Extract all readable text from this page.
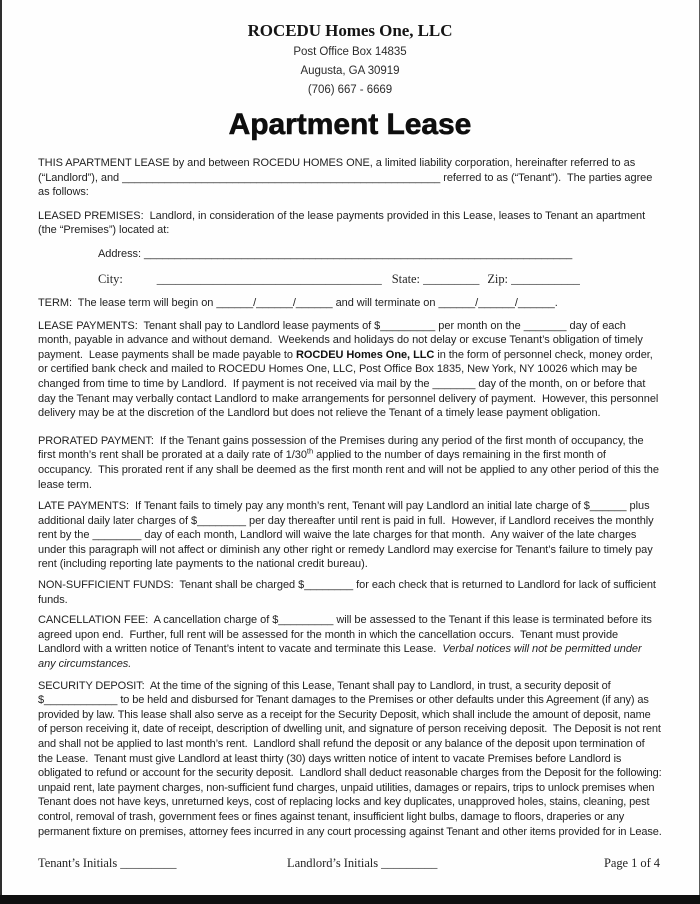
ROCEDU Homes One, LLC
Post Office Box 14835
Augusta, GA 30919
(706) 667 - 6669
Apartment Lease

THIS APARTMENT LEASE by and between ROCEDU HOMES ONE, a limited liability corporation, hereinafter referred to as (“Landlord”), and ____________________________________________________ referred to as (“Tenant”).  The parties agree as follows:

LEASED PREMISES:  Landlord, in consideration of the lease payments provided in this Lease, leases to Tenant an apartment (the “Premises”) located at:

Address: ______________________________________________________________________
City:	____________________________________ State: _________ Zip: ___________

TERM:  The lease term will begin on ______/______/______ and will terminate on ______/______/______.

LEASE PAYMENTS:  Tenant shall pay to Landlord lease payments of $_________ per month on the _______ day of each month, payable in advance and without demand.  Weekends and holidays do not delay or excuse Tenant’s obligation of timely payment.  Lease payments shall be made payable to ROCDEU Homes One, LLC in the form of personnel check, money order, or certified bank check and mailed to ROCEDU Homes One, LLC, Post Office Box 1835, New York, NY 10026 which may be changed from time to time by Landlord.  If payment is not received via mail by the _______ day of the month, on or before that day the Tenant may verbally contact Landlord to make arrangements for personnel delivery of payment.  However, this personnel delivery may be at the discretion of the Landlord but does not relieve the Tenant of a timely lease payment obligation.

PRORATED PAYMENT:  If the Tenant gains possession of the Premises during any period of the first month of occupancy, the first month’s rent shall be prorated at a daily rate of 1/30th applied to the number of days remaining in the first month of occupancy.  This prorated rent if any shall be deemed as the first month rent and will not be applied to any other period of this the lease term.

LATE PAYMENTS:  If Tenant fails to timely pay any month’s rent, Tenant will pay Landlord an initial late charge of $______ plus additional daily later charges of $________ per day thereafter until rent is paid in full.  However, if Landlord receives the monthly rent by the ________ day of each month, Landlord will waive the late charges for that month.  Any waiver of the late charges under this paragraph will not affect or diminish any other right or remedy Landlord may exercise for Tenant’s failure to timely pay rent (including reporting late payments to the national credit bureau).

NON-SUFFICIENT FUNDS:  Tenant shall be charged $________ for each check that is returned to Landlord for lack of sufficient funds.

CANCELLATION FEE:  A cancellation charge of $_________ will be assessed to the Tenant if this lease is terminated before its agreed upon end.  Further, full rent will be assessed for the month in which the cancellation occurs.  Tenant must provide Landlord with a written notice of Tenant’s intent to vacate and terminate this Lease.  Verbal notices will not be permitted under any circumstances.

SECURITY DEPOSIT:  At the time of the signing of this Lease, Tenant shall pay to Landlord, in trust, a security deposit of $____________ to be held and disbursed for Tenant damages to the Premises or other defaults under this Agreement (if any) as provided by law. This lease shall also serve as a receipt for the Security Deposit, which shall include the amount of deposit, name of person receiving it, date of receipt, description of dwelling unit, and signature of person receiving deposit.  The Deposit is not rent and shall not be applied to last month’s rent.  Landlord shall refund the deposit or any balance of the deposit upon termination of the Lease.  Tenant must give Landlord at least thirty (30) days written notice of intent to vacate Premises before Landlord is obligated to refund or account for the security deposit.  Landlord shall deduct reasonable charges from the Deposit for the following:  unpaid rent, late payment charges, non-sufficient fund charges, unpaid utilities, damages or repairs, trips to unlock premises when Tenant does not have keys, unreturned keys, cost of replacing locks and key duplicates, unapproved holes, stains, cleaning, pest control, removal of trash, government fees or fines against tenant, insufficient light bulbs, damage to floors, draperies or any permanent fixture on premises, attorney fees incurred in any court processing against Tenant and other items provided for in Lease.

Tenant’s Initials _________	Landlord’s Initials _________	Page 1 of 4
